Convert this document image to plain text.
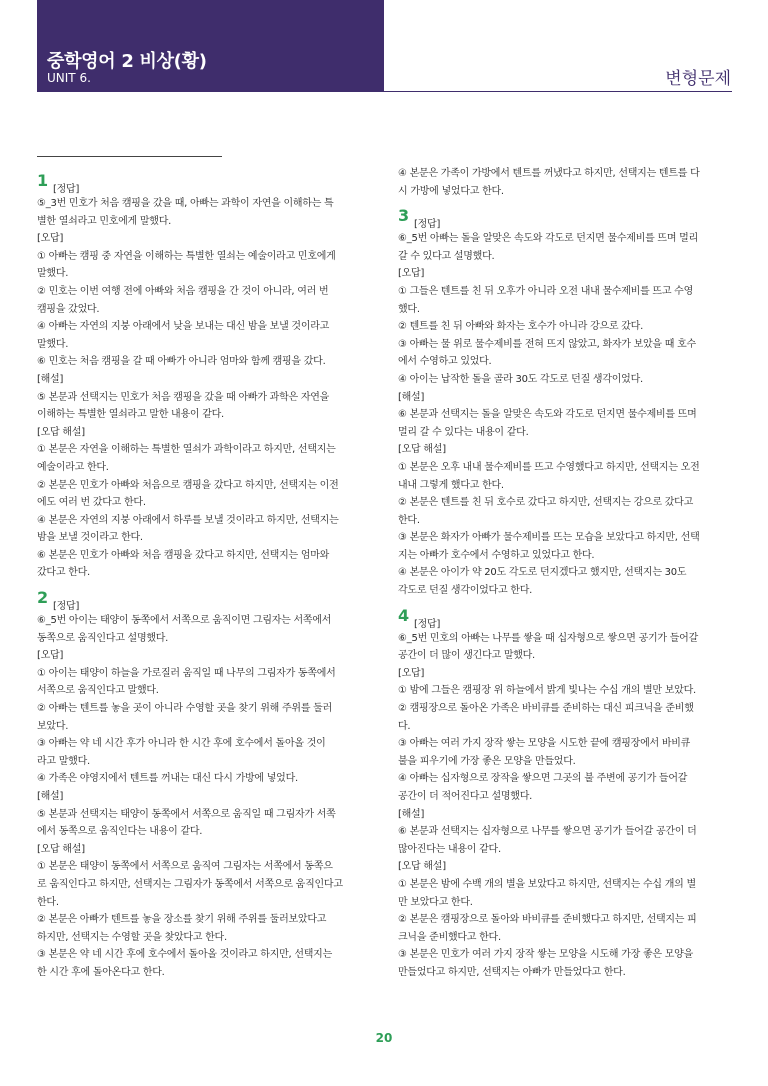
중학영어 2 비상(황)
UNIT 6.	변형문제
1 [정답]
⑤_3번 민호가 처음 캠핑을 갔을 때, 아빠는 과학이 자연을 이해하는 특
별한 열쇠라고 민호에게 말했다.
[오답]
① 아빠는 캠핑 중 자연을 이해하는 특별한 열쇠는 예술이라고 민호에게
말했다.
② 민호는 이번 여행 전에 아빠와 처음 캠핑을 간 것이 아니라, 여러 번
캠핑을 갔었다.
④ 아빠는 자연의 지붕 아래에서 낮을 보내는 대신 밤을 보낼 것이라고
말했다.
⑥ 민호는 처음 캠핑을 갈 때 아빠가 아니라 엄마와 함께 캠핑을 갔다.
[해설]
⑤ 본문과 선택지는 민호가 처음 캠핑을 갔을 때 아빠가 과학은 자연을
이해하는 특별한 열쇠라고 말한 내용이 같다.
[오답 해설]
① 본문은 자연을 이해하는 특별한 열쇠가 과학이라고 하지만, 선택지는
예술이라고 한다.
② 본문은 민호가 아빠와 처음으로 캠핑을 갔다고 하지만, 선택지는 이전
에도 여러 번 갔다고 한다.
④ 본문은 자연의 지붕 아래에서 하루를 보낼 것이라고 하지만, 선택지는
밤을 보낼 것이라고 한다.
⑥ 본문은 민호가 아빠와 처음 캠핑을 갔다고 하지만, 선택지는 엄마와
갔다고 한다.
2 [정답]
⑥_5번 아이는 태양이 동쪽에서 서쪽으로 움직이면 그림자는 서쪽에서
동쪽으로 움직인다고 설명했다.
[오답]
① 아이는 태양이 하늘을 가로질러 움직일 때 나무의 그림자가 동쪽에서
서쪽으로 움직인다고 말했다.
② 아빠는 텐트를 놓을 곳이 아니라 수영할 곳을 찾기 위해 주위를 둘러
보았다.
③ 아빠는 약 네 시간 후가 아니라 한 시간 후에 호수에서 돌아올 것이
라고 말했다.
④ 가족은 야영지에서 텐트를 꺼내는 대신 다시 가방에 넣었다.
[해설]
⑤ 본문과 선택지는 태양이 동쪽에서 서쪽으로 움직일 때 그림자가 서쪽
에서 동쪽으로 움직인다는 내용이 같다.
[오답 해설]
① 본문은 태양이 동쪽에서 서쪽으로 움직여 그림자는 서쪽에서 동쪽으
로 움직인다고 하지만, 선택지는 그림자가 동쪽에서 서쪽으로 움직인다고
한다.
② 본문은 아빠가 텐트를 놓을 장소를 찾기 위해 주위를 둘러보았다고
하지만, 선택지는 수영할 곳을 찾았다고 한다.
③ 본문은 약 네 시간 후에 호수에서 돌아올 것이라고 하지만, 선택지는
한 시간 후에 돌아온다고 한다.
④ 본문은 가족이 가방에서 텐트를 꺼냈다고 하지만, 선택지는 텐트를 다
시 가방에 넣었다고 한다.
3 [정답]
⑥_5번 아빠는 돌을 알맞은 속도와 각도로 던지면 물수제비를 뜨며 멀리
갈 수 있다고 설명했다.
[오답]
① 그들은 텐트를 친 뒤 오후가 아니라 오전 내내 물수제비를 뜨고 수영
했다.
② 텐트를 친 뒤 아빠와 화자는 호수가 아니라 강으로 갔다.
③ 아빠는 물 위로 물수제비를 전혀 뜨지 않았고, 화자가 보았을 때 호수
에서 수영하고 있었다.
④ 아이는 납작한 돌을 골라 30도 각도로 던질 생각이었다.
[해설]
⑥ 본문과 선택지는 돌을 알맞은 속도와 각도로 던지면 물수제비를 뜨며
멀리 갈 수 있다는 내용이 같다.
[오답 해설]
① 본문은 오후 내내 물수제비를 뜨고 수영했다고 하지만, 선택지는 오전
내내 그렇게 했다고 한다.
② 본문은 텐트를 친 뒤 호수로 갔다고 하지만, 선택지는 강으로 갔다고
한다.
③ 본문은 화자가 아빠가 물수제비를 뜨는 모습을 보았다고 하지만, 선택
지는 아빠가 호수에서 수영하고 있었다고 한다.
④ 본문은 아이가 약 20도 각도로 던지겠다고 했지만, 선택지는 30도
각도로 던질 생각이었다고 한다.
4 [정답]
⑥_5번 민호의 아빠는 나무를 쌓을 때 십자형으로 쌓으면 공기가 들어갈
공간이 더 많이 생긴다고 말했다.
[오답]
① 밤에 그들은 캠핑장 위 하늘에서 밝게 빛나는 수십 개의 별만 보았다.
② 캠핑장으로 돌아온 가족은 바비큐를 준비하는 대신 피크닉을 준비했
다.
③ 아빠는 여러 가지 장작 쌓는 모양을 시도한 끝에 캠핑장에서 바비큐
불을 피우기에 가장 좋은 모양을 만들었다.
④ 아빠는 십자형으로 장작을 쌓으면 그곳의 불 주변에 공기가 들어갈
공간이 더 적어진다고 설명했다.
[해설]
⑥ 본문과 선택지는 십자형으로 나무를 쌓으면 공기가 들어갈 공간이 더
많아진다는 내용이 같다.
[오답 해설]
① 본문은 밤에 수백 개의 별을 보았다고 하지만, 선택지는 수십 개의 별
만 보았다고 한다.
② 본문은 캠핑장으로 돌아와 바비큐를 준비했다고 하지만, 선택지는 피
크닉을 준비했다고 한다.
③ 본문은 민호가 여러 가지 장작 쌓는 모양을 시도해 가장 좋은 모양을
만들었다고 하지만, 선택지는 아빠가 만들었다고 한다.
20
